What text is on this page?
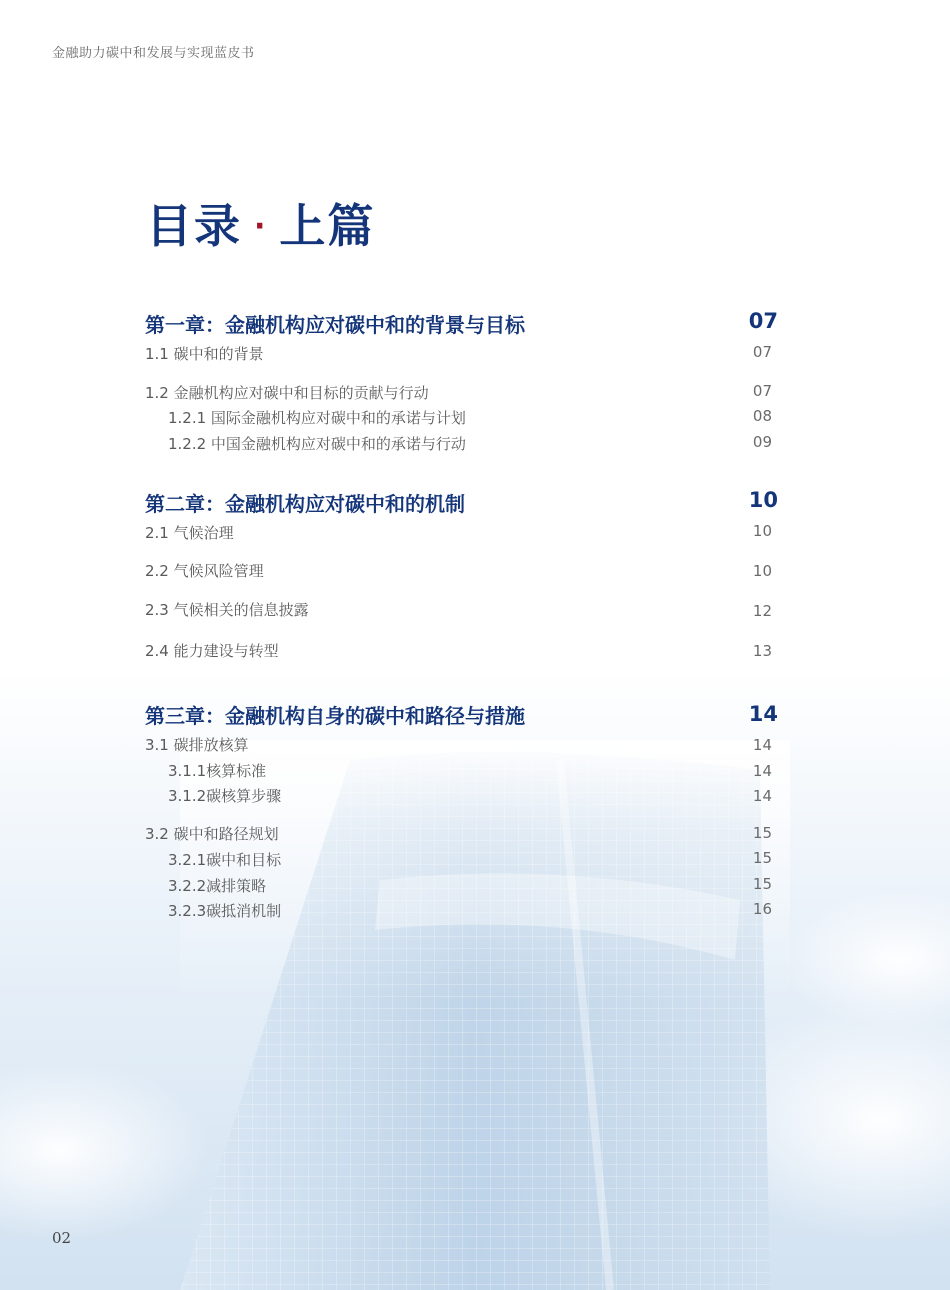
金融助力碳中和发展与实现蓝皮书
目录 · 上篇
第一章：金融机构应对碳中和的背景与目标	07
1.1 碳中和的背景	07
1.2 金融机构应对碳中和目标的贡献与行动	07
1.2.1 国际金融机构应对碳中和的承诺与计划	08
1.2.2 中国金融机构应对碳中和的承诺与行动	09
第二章：金融机构应对碳中和的机制	10
2.1 气候治理	10
2.2 气候风险管理	10
2.3 气候相关的信息披露	12
2.4 能力建设与转型	13
第三章：金融机构自身的碳中和路径与措施	14
3.1 碳排放核算	14
3.1.1核算标准	14
3.1.2碳核算步骤	14
3.2 碳中和路径规划	15
3.2.1碳中和目标	15
3.2.2减排策略	15
3.2.3碳抵消机制	16
02
